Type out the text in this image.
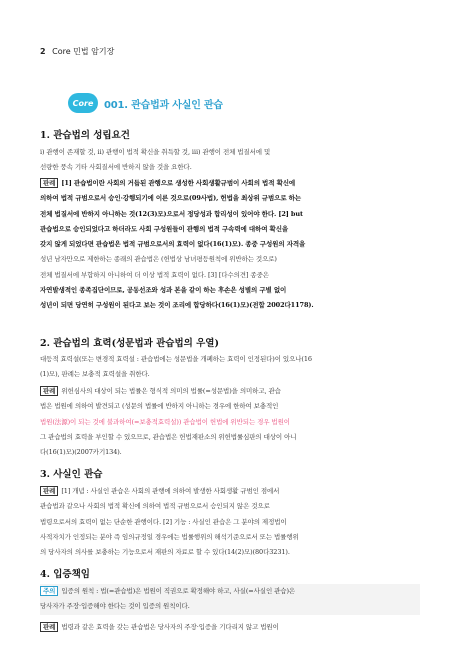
2 Core 민법 암기장
Core	001. 관습법과 사실인 관습
1. 관습법의 성립요건
ⅰ) 관행이 존재할 것, ⅱ) 관행이 법적 확신을 취득할 것, ⅲ) 관행이 전체 법질서에 및
선량한 풍속 기타 사회질서에 반하지 않을 것을 요한다.
판례 [1] 관습법이란 사회의 거듭된 관행으로 생성한 사회생활규범이 사회의 법적 확신에
의하여 법적 규범으로서 승인·강행되기에 이른 것으로(09사법), 헌법을 최상위 규범으로 하는
전체 법질서에 반하지 아니하는 것(12(3)모)으로서 정당성과 합리성이 있어야 한다. [2] but
관습법으로 승인되었다고 하더라도 사회 구성원들이 관행의 법적 구속력에 대하여 확신을
갖지 않게 되었다면 관습법은 법적 규범으로서의 효력이 없다(16(1)모). 종중 구성원의 자격을
성년 남자만으로 제한하는 종래의 관습법은 (헌법상 남녀평등원칙에 위반하는 것으로)
전체 법질서에 부합하지 아니하여 더 이상 법적 효력이 없다. [3] [다수의견] 종중은
자연발생적인 종족집단이므로, 공동선조와 성과 본을 같이 하는 후손은 성별의 구별 없이
성년이 되면 당연히 구성원이 된다고 보는 것이 조리에 합당하다(16(1)모)(전합 2002다1178).
2. 관습법의 효력(성문법과 관습법의 우열)
대등적 효력설(또는 변경적 효력설 : 관습법에는 성문법을 개폐하는 효력이 인정된다)이 있으나(16
(1)모), 판례는 보충적 효력설을 취한다.
판례 위헌심사의 대상이 되는 법률은 형식적 의미의 법률(=성문법)을 의미하고, 관습
법은 법원에 의하여 발견되고 (성문의 법률에 반하지 아니하는 경우에 한하여 보충적인
법원(法源)이 되는 것에 불과하여(=보충적효력설)) 관습법이 헌법에 위반되는 경우 법원이
그 관습법의 효력을 부인할 수 있으므로, 관습법은 헌법재판소의 위헌법률심판의 대상이 아니
다(16(1)모)(2007카기134).
3. 사실인 관습
판례 [1] 개념 : 사실인 관습은 사회의 관행에 의하여 발생한 사회생활 규범인 점에서
관습법과 같으나 사회의 법적 확신에 의하여 법적 규범으로서 승인되지 않은 것으로
법령으로서의 효력이 없는 단순한 관행이다. [2] 기능 : 사실인 관습은 그 분야의 제정법이
사적자치가 인정되는 분야 즉 임의규정일 경우에는 법률행위의 해석기준으로서 또는 법률행위
의 당사자의 의사를 보충하는 기능으로서 재판의 자료로 할 수 있다(14(2)모)(80다3231).
4. 입증책임
주의 입증의 원칙 : 법(=관습법)은 법원이 직권으로 확정해야 하고, 사실(=사실인 관습)은
당사자가 주장·입증해야 한다는 것이 입증의 원칙이다.
판례 법령과 같은 효력을 갖는 관습법은 당사자의 주장·입증을 기다리지 않고 법원이
